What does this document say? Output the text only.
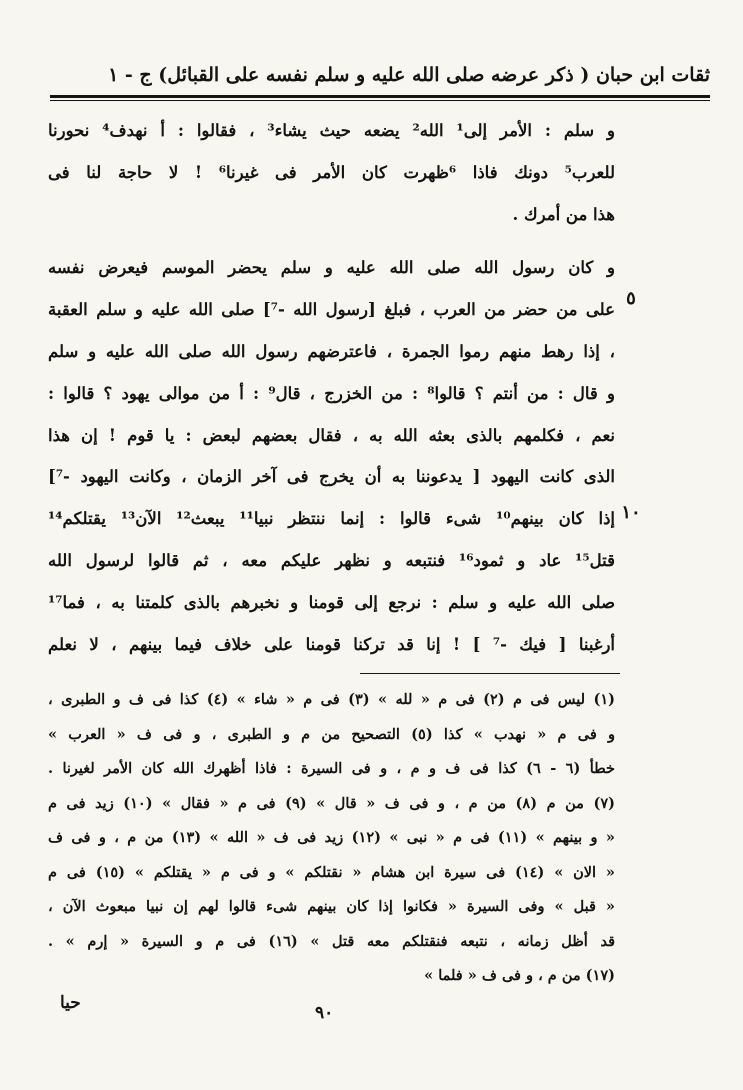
ثقات ابن حبان ( ذكر عرضه صلى الله عليه و سلم نفسه على القبائل) ج - ١
و سلم : الأمر إلى¹ الله² يضعه حيث يشاء³ ، فقالوا : أ نهدف⁴ نحورنا
للعرب⁵ دونك فاذا ⁶ظهرت كان الأمر فى غيرنا⁶ ! لا حاجة لنا فى
هذا من أمرك .
و كان رسول الله صلى الله عليه و سلم يحضر الموسم فيعرض نفسه
على من حضر من العرب ، فبلغ [رسول الله -⁷] صلى الله عليه و سلم العقبة
، إذا رهط منهم رموا الجمرة ، فاعترضهم رسول الله صلى الله عليه و سلم
و قال : من أنتم ؟ قالوا⁸ : من الخزرج ، قال⁹ : أ من موالى يهود ؟ قالوا :
نعم ، فكلمهم بالذى بعثه الله به ، فقال بعضهم لبعض : يا قوم ! إن هذا
الذى كانت اليهود [ يدعوننا به أن يخرج فى آخر الزمان ، وكانت اليهود -⁷]
إذا كان بينهم¹⁰ شىء قالوا : إنما ننتظر نبيا¹¹ يبعث¹² الآن¹³ يقتلكم¹⁴
قتل¹⁵ عاد و ثمود¹⁶ فنتبعه و نظهر عليكم معه ، ثم قالوا لرسول الله
صلى الله عليه و سلم : نرجع إلى قومنا و نخبرهم بالذى كلمتنا به ، فما¹⁷
أرغبنا [ فيك -⁷ ] ! إنا قد تركنا قومنا على خلاف فيما بينهم ، لا نعلم
٥
١٠
(١) ليس فى م (٢) فى م « لله » (٣) فى م « شاء » (٤) كذا فى ف و الطبرى ،
و فى م « نهدب » كذا (٥) التصحيح من م و الطبرى ، و فى ف « العرب »
خطأ (٦ - ٦) كذا فى ف و م ، و فى السيرة : فاذا أظهرك الله كان الأمر لغيرنا .
(٧) من م (٨) من م ، و فى ف « قال » (٩) فى م « فقال » (١٠) زيد فى م
« و بينهم » (١١) فى م « نبى » (١٢) زيد فى ف « الله » (١٣) من م ، و فى ف
« الان » (١٤) فى سيرة ابن هشام « نقتلكم » و فى م « يقتلكم » (١٥) فى م
« قبل » وفى السيرة « فكانوا إذا كان بينهم شىء قالوا لهم إن نبيا مبعوث الآن ،
قد أظل زمانه ، نتبعه فنقتلكم معه قتل » (١٦) فى م و السيرة « إرم » .
(١٧) من م ، و فى ف « فلما »
٩٠
حيا
